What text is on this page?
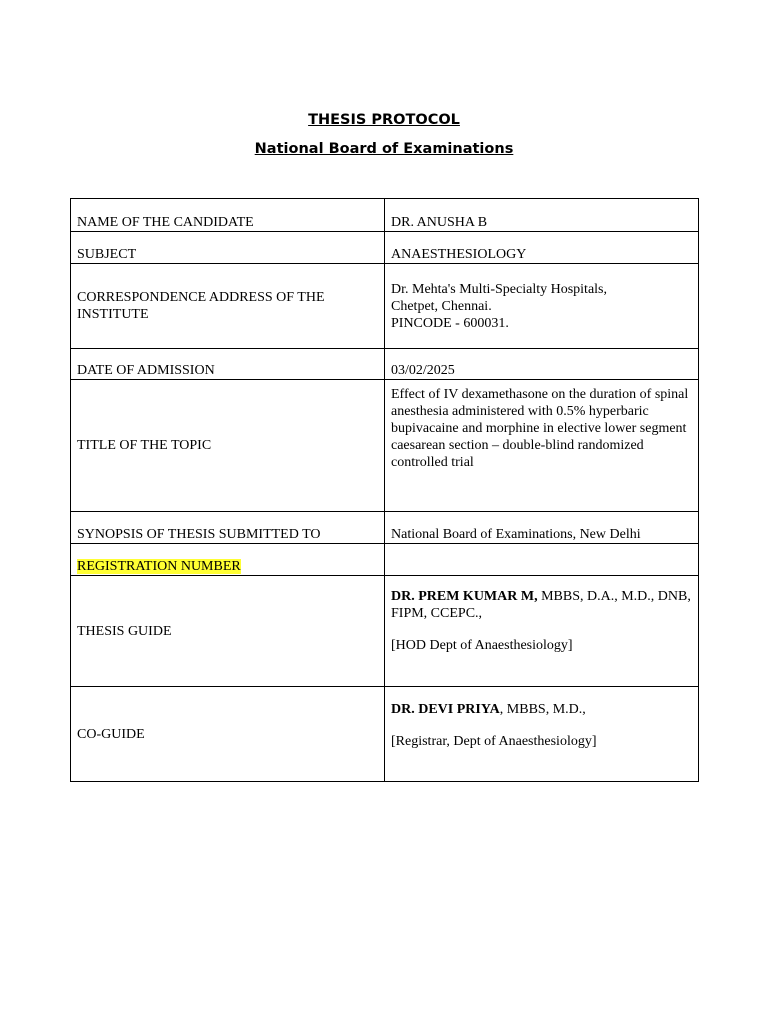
THESIS PROTOCOL
National Board of Examinations
NAME OF THE CANDIDATE	DR. ANUSHA B
SUBJECT	ANAESTHESIOLOGY
CORRESPONDENCE ADDRESS OF THE INSTITUTE	Dr. Mehta's Multi-Specialty Hospitals,
Chetpet, Chennai.
PINCODE - 600031.

DATE OF ADMISSION	03/02/2025
TITLE OF THE TOPIC	Effect of IV dexamethasone on the duration of spinal anesthesia administered with 0.5% hyperbaric bupivacaine and morphine in elective lower segment caesarean section – double-blind randomized controlled trial
SYNOPSIS OF THESIS SUBMITTED TO	National Board of Examinations, New Delhi
REGISTRATION NUMBER	
THESIS GUIDE	DR. PREM KUMAR M, MBBS, D.A., M.D., DNB, FIPM, CCEPC.,
[HOD Dept of Anaesthesiology]

CO-GUIDE	DR. DEVI PRIYA, MBBS, M.D.,
[Registrar, Dept of Anaesthesiology]
